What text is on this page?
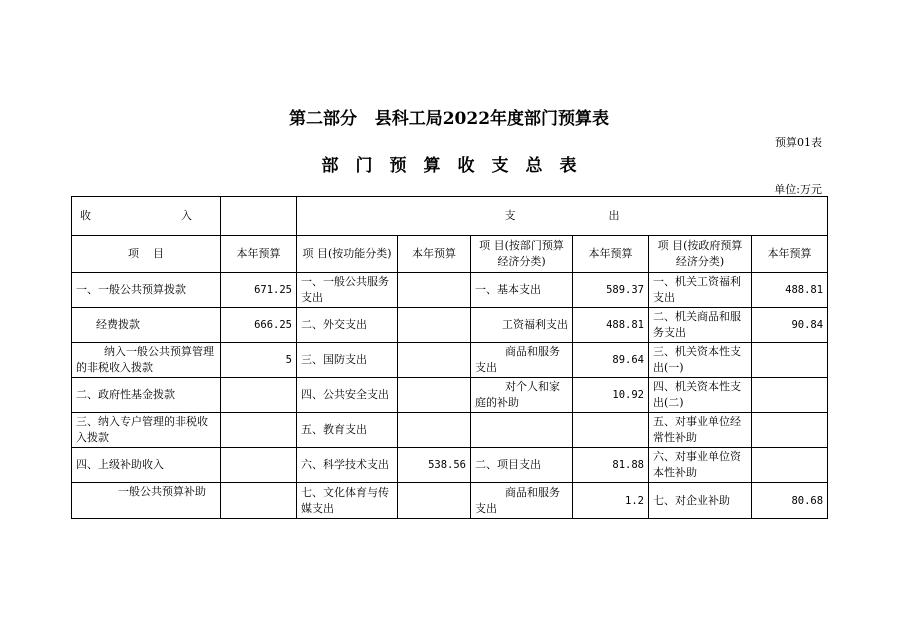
第二部分   县科工局2022年度部门预算表
预算01表
部门预算收支总表
单位:万元
收 入		支 出					
项    目	本年预算	项 目(按功能分类)	本年预算	项 目(按部门预算经济分类)	本年预算	项 目(按政府预算经济分类)	本年预算
一、一般公共预算拨款	671.25	一、一般公共服务支出		一、基本支出	589.37	一、机关工资福利支出	488.81
经费拨款	666.25	二、外交支出		工资福利支出	488.81	二、机关商品和服务支出	90.84
纳入一般公共预算管理的非税收入拨款	5	三、国防支出		商品和服务支出	89.64	三、机关资本性支出(一)	
二、政府性基金拨款		四、公共安全支出		对个人和家庭的补助	10.92	四、机关资本性支出(二)	
三、纳入专户管理的非税收入拨款		五、教育支出				五、对事业单位经常性补助	
四、上级补助收入		六、科学技术支出	538.56	二、项目支出	81.88	六、对事业单位资本性补助	
一般公共预算补助		七、文化体育与传媒支出		商品和服务支出	1.2	七、对企业补助	80.68
